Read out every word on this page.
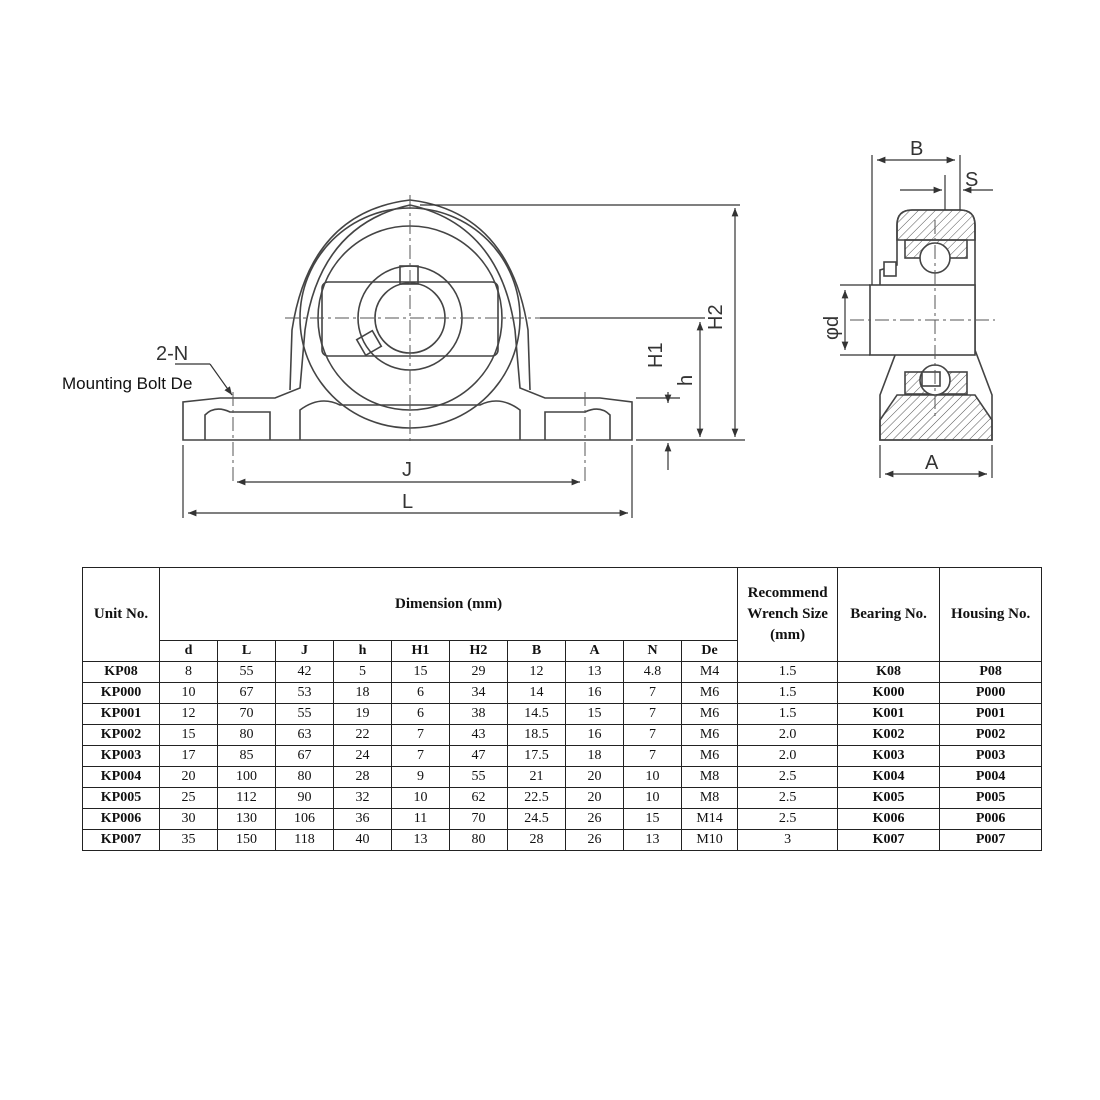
2-N
Mounting Bolt De
J
L
H2
H1
h
B
S
φd
A
Unit No.	Dimension (mm)										Recommend Wrench Size (mm)	Bearing No.	Housing No.
	d	L	J	h	H1	H2	B	A	N	De			
KP08	8	55	42	5	15	29	12	13	4.8	M4	1.5	K08	P08
KP000	10	67	53	18	6	34	14	16	7	M6	1.5	K000	P000
KP001	12	70	55	19	6	38	14.5	15	7	M6	1.5	K001	P001
KP002	15	80	63	22	7	43	18.5	16	7	M6	2.0	K002	P002
KP003	17	85	67	24	7	47	17.5	18	7	M6	2.0	K003	P003
KP004	20	100	80	28	9	55	21	20	10	M8	2.5	K004	P004
KP005	25	112	90	32	10	62	22.5	20	10	M8	2.5	K005	P005
KP006	30	130	106	36	11	70	24.5	26	15	M14	2.5	K006	P006
KP007	35	150	118	40	13	80	28	26	13	M10	3	K007	P007
